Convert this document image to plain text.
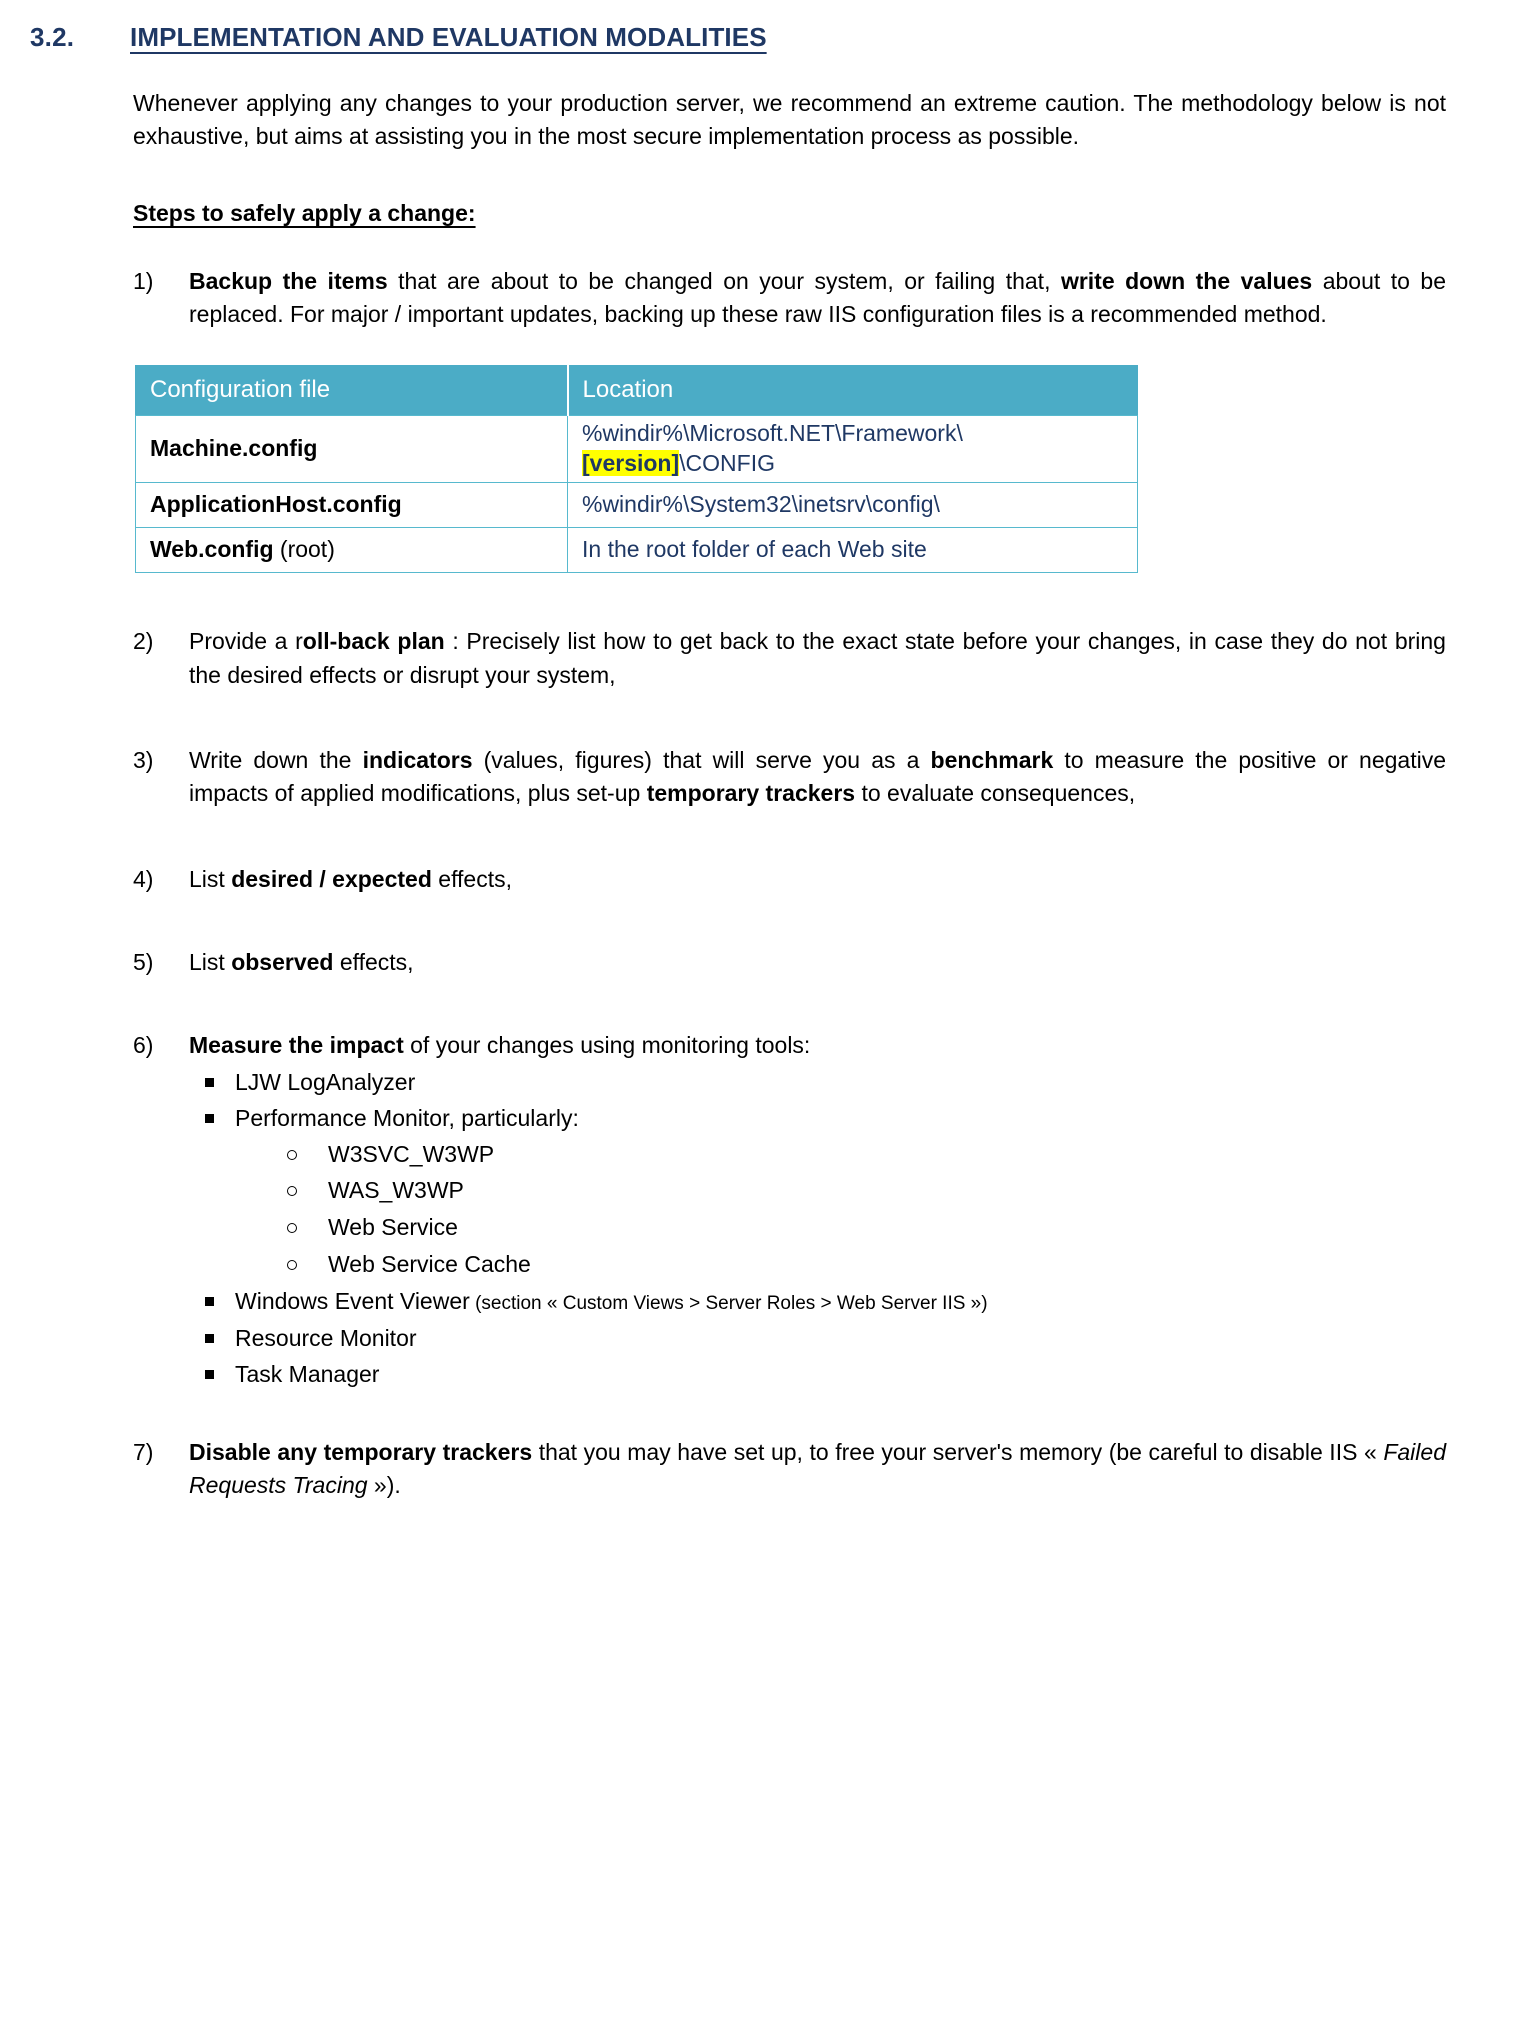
3.2.	IMPLEMENTATION AND EVALUATION MODALITIES

Whenever applying any changes to your production server, we recommend an extreme caution. The methodology below is not exhaustive, but aims at assisting you in the most secure implementation process as possible.

Steps to safely apply a change:
1)	Backup the items that are about to be changed on your system, or failing that, write down the values about to be replaced. For major / important updates, backing up these raw IIS configuration files is a recommended method.
Configuration file	Location
Machine.config	%windir%\Microsoft.NET\Framework\[version]\CONFIG
ApplicationHost.config	%windir%\System32\inetsrv\config\
Web.config (root)	In the root folder of each Web site
2)	Provide a roll-back plan : Precisely list how to get back to the exact state before your changes, in case they do not bring the desired effects or disrupt your system,
3)	Write down the indicators (values, figures) that will serve you as a benchmark to measure the positive or negative impacts of applied modifications, plus set-up temporary trackers to evaluate consequences,
4)	List desired / expected effects,
5)	List observed effects,
6)	Measure the impact of your changes using monitoring tools:
LJW LogAnalyzer
Performance Monitor, particularly:
W3SVC_W3WP
WAS_W3WP
Web Service
Web Service Cache
Windows Event Viewer (section « Custom Views > Server Roles > Web Server IIS »)
Resource Monitor
Task Manager
7)	Disable any temporary trackers that you may have set up, to free your server's memory (be careful to disable IIS « Failed Requests Tracing »).
